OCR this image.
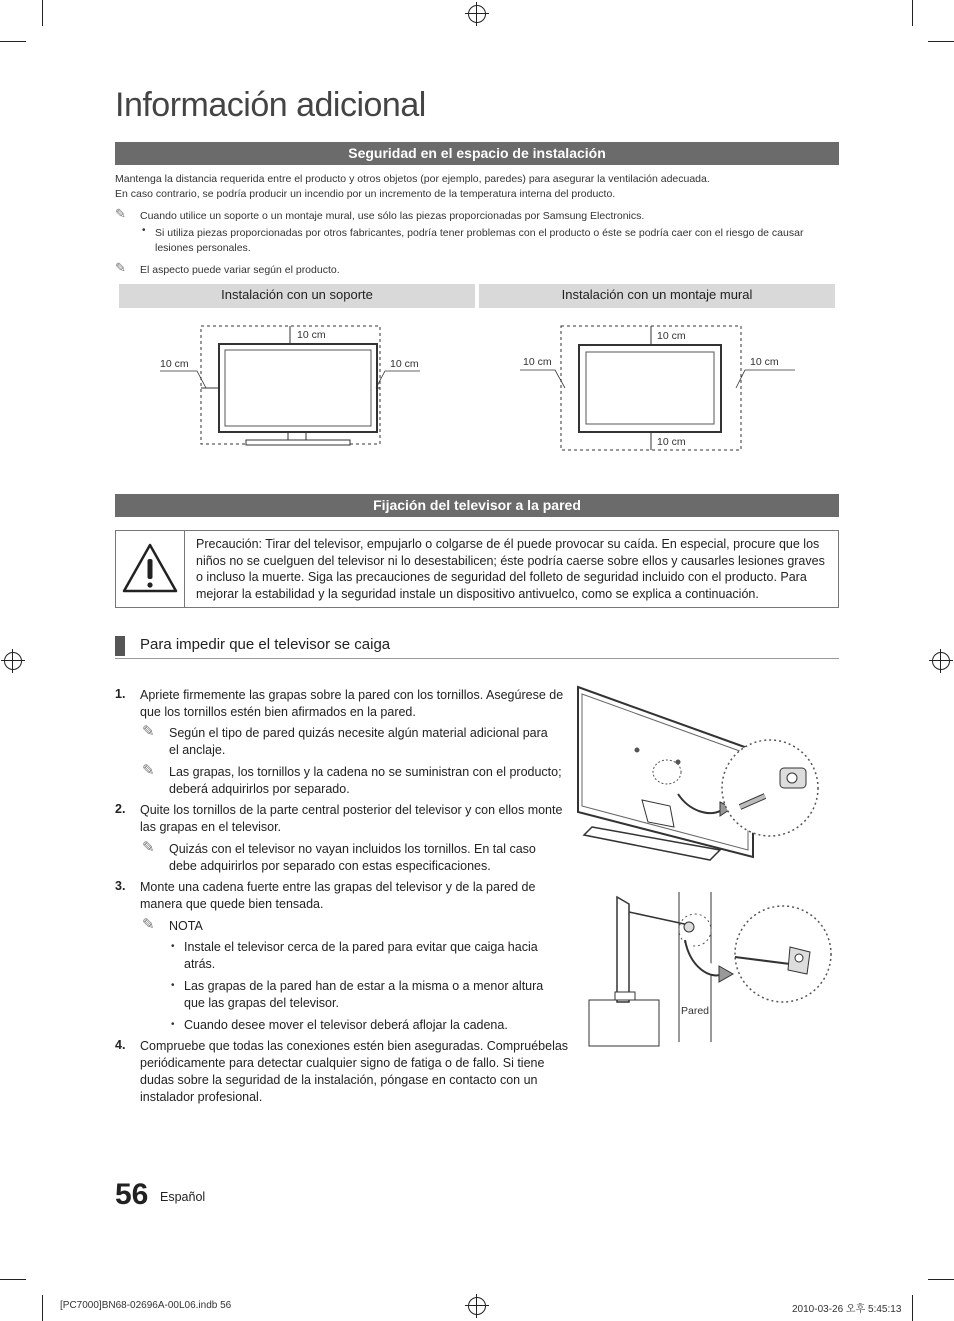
Información adicional
Seguridad en el espacio de instalación
Mantenga la distancia requerida entre el producto y otros objetos (por ejemplo, paredes) para asegurar la ventilación adecuada.
En caso contrario, se podría producir un incendio por un incremento de la temperatura interna del producto.
✎ Cuando utilice un soporte o un montaje mural, use sólo las piezas proporcionadas por Samsung Electronics.
• Si utiliza piezas proporcionadas por otros fabricantes, podría tener problemas con el producto o éste se podría caer con el riesgo de causar
lesiones personales.
✎ El aspecto puede variar según el producto.
Instalación con un soporte	Instalación con un montaje mural
10 cm
10 cm	10 cm
10 cm
10 cm	10 cm
10 cm
Fijación del televisor a la pared
Precaución: Tirar del televisor, empujarlo o colgarse de él puede provocar su caída. En especial, procure que los niños no se cuelguen del televisor ni lo desestabilicen; éste podría caerse sobre ellos y causarles lesiones graves o incluso la muerte. Siga las precauciones de seguridad del folleto de seguridad incluido con el producto. Para mejorar la estabilidad y la seguridad instale un dispositivo antivuelco, como se explica a continuación.
Para impedir que el televisor se caiga
1. Apriete firmemente las grapas sobre la pared con los tornillos. Asegúrese de
que los tornillos estén bien afirmados en la pared.
✎ Según el tipo de pared quizás necesite algún material adicional para
el anclaje.
✎ Las grapas, los tornillos y la cadena no se suministran con el producto;
deberá adquirirlos por separado.
2. Quite los tornillos de la parte central posterior del televisor y con ellos monte
las grapas en el televisor.
✎ Quizás con el televisor no vayan incluidos los tornillos. En tal caso
debe adquirirlos por separado con estas especificaciones.
3. Monte una cadena fuerte entre las grapas del televisor y de la pared de
manera que quede bien tensada.
✎ NOTA
• Instale el televisor cerca de la pared para evitar que caiga hacia
atrás.
• Las grapas de la pared han de estar a la misma o a menor altura
que las grapas del televisor.
• Cuando desee mover el televisor deberá aflojar la cadena.
4. Compruebe que todas las conexiones estén bien aseguradas. Compruébelas
periódicamente para detectar cualquier signo de fatiga o de fallo. Si tiene
dudas sobre la seguridad de la instalación, póngase en contacto con un
instalador profesional.
Pared
56 Español
[PC7000]BN68-02696A-00L06.indb 56	2010-03-26 오후 5:45:13
